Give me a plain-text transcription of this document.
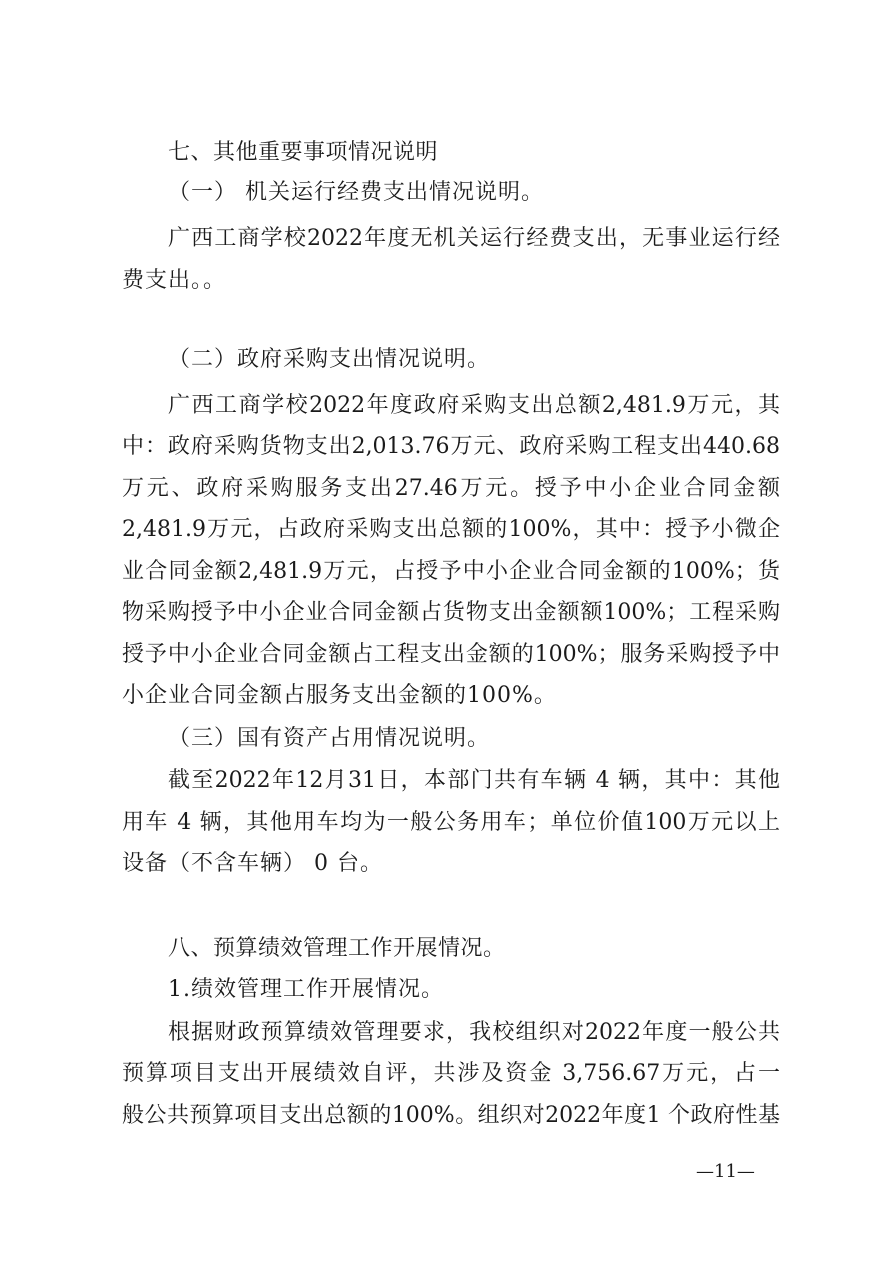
七、其他重要事项情况说明
（一） 机关运行经费支出情况说明。
广西工商学校2022年度无机关运行经费支出，无事业运行经
费支出。。
（二）政府采购支出情况说明。
广西工商学校2022年度政府采购支出总额2,481.9万元，其
中：政府采购货物支出2,013.76万元、政府采购工程支出440.68
万元、政府采购服务支出27.46万元。授予中小企业合同金额
2,481.9万元，占政府采购支出总额的100%，其中：授予小微企
业合同金额2,481.9万元，占授予中小企业合同金额的100%；货
物采购授予中小企业合同金额占货物支出金额额100%；工程采购
授予中小企业合同金额占工程支出金额的100%；服务采购授予中
小企业合同金额占服务支出金额的100%。
（三）国有资产占用情况说明。
截至2022年12月31日，本部门共有车辆 4 辆，其中：其他
用车 4 辆，其他用车均为一般公务用车；单位价值100万元以上
设备（不含车辆） 0 台。
八、预算绩效管理工作开展情况。
1.绩效管理工作开展情况。
根据财政预算绩效管理要求，我校组织对2022年度一般公共
预算项目支出开展绩效自评，共涉及资金 3,756.67万元，占一
般公共预算项目支出总额的100%。组织对2022年度1 个政府性基
—11—
